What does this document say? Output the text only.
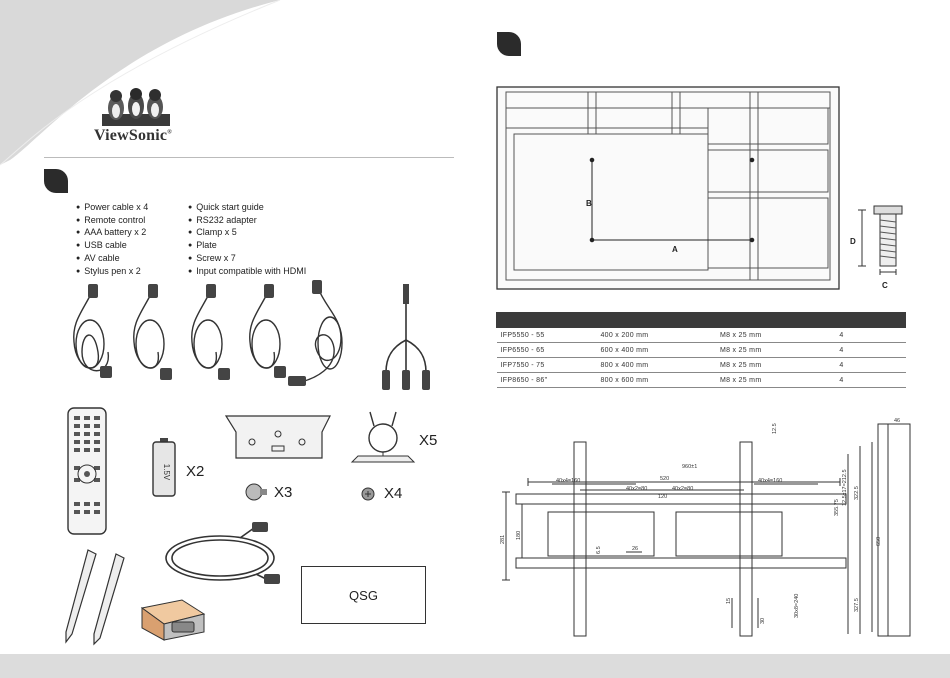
ViewSonic®
● Power cable x 4
● Remote control
● AAA battery x 2
● USB cable
● AV cable
● Stylus pen x 2
● Quick start guide
● RS232 adapter
● Clamp x 5
● Plate
● Screw x 7
● Input compatible with HDMI
1.5V X2
X5
X3	X4
QSG
B
A
D
C

IFP5550 - 55	400 x 200 mm	M8 x 25 mm	4
IFP6550 - 65	600 x 400 mm	M8 x 25 mm	4
IFP7550 - 75	800 x 400 mm	M8 x 25 mm	4
IFP8650 - 86"	800 x 600 mm	M8 x 25 mm	4
960±1
520
40x4=160	40x4=160
40x2=80	40x2=80
120
12.5
12.5x17=212.5 322.5
355.75
281 180
6.5	26
30x8=240	327.5
15
30
650
46
